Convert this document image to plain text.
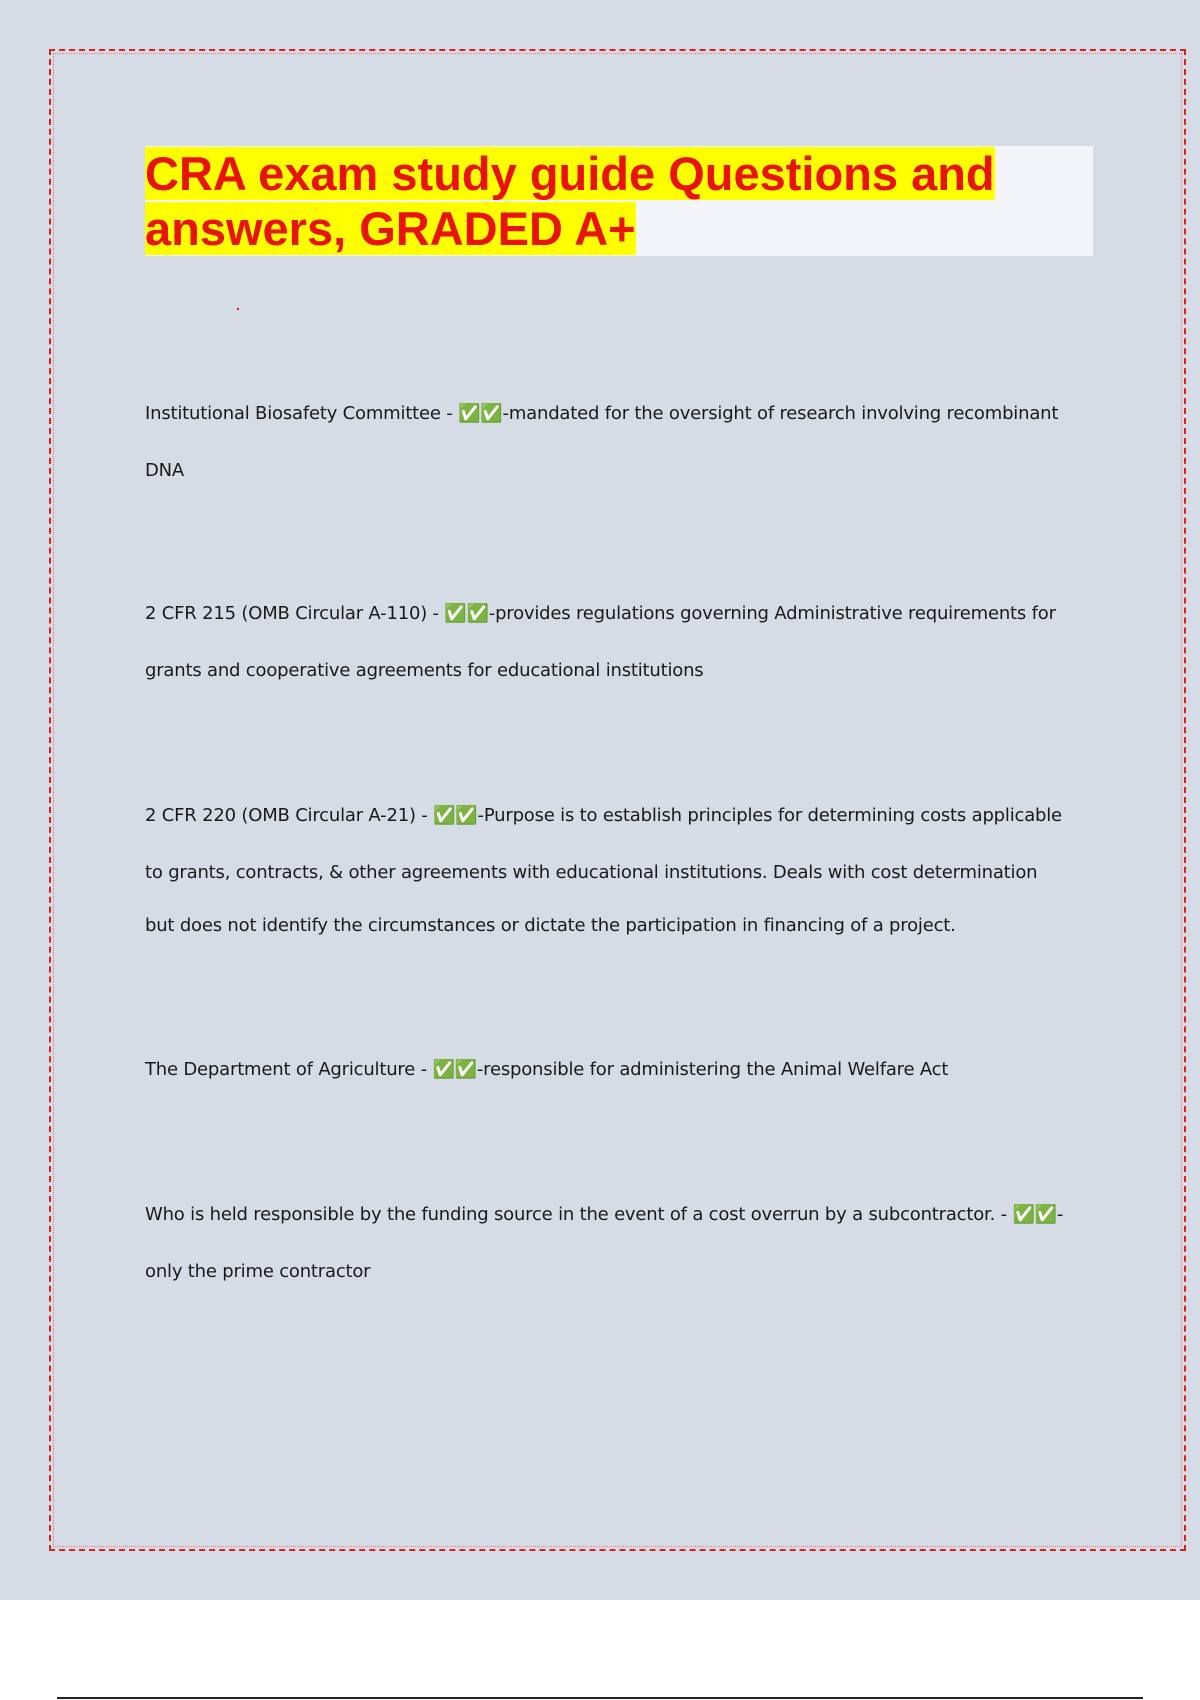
CRA exam study guide Questions and answers, GRADED A+

Institutional Biosafety Committee - ✅✅-mandated for the oversight of research involving recombinant

DNA

2 CFR 215 (OMB Circular A-110) - ✅✅-provides regulations governing Administrative requirements for

grants and cooperative agreements for educational institutions

2 CFR 220 (OMB Circular A-21) - ✅✅-Purpose is to establish principles for determining costs applicable

to grants, contracts, & other agreements with educational institutions. Deals with cost determination

but does not identify the circumstances or dictate the participation in financing of a project.

The Department of Agriculture - ✅✅-responsible for administering the Animal Welfare Act

Who is held responsible by the funding source in the event of a cost overrun by a subcontractor. - ✅✅-

only the prime contractor
